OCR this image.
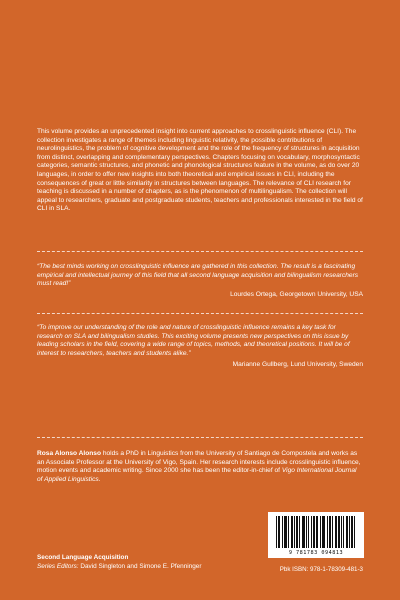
This volume provides an unprecedented insight into current approaches to crosslinguistic influence (CLI). The collection investigates a range of themes including linguistic relativity, the possible contributions of neurolinguistics, the problem of cognitive development and the role of the frequency of structures in acquisition from distinct, overlapping and complementary perspectives. Chapters focusing on vocabulary, morphosyntactic categories, semantic structures, and phonetic and phonological structures feature in the volume, as do over 20 languages, in order to offer new insights into both theoretical and empirical issues in CLI, including the consequences of great or little similarity in structures between languages. The relevance of CLI research for teaching is discussed in a number of chapters, as is the phenomenon of multilingualism. The collection will appeal to researchers, graduate and postgraduate students, teachers and professionals interested in the field of CLI in SLA.
“The best minds working on crosslinguistic influence are gathered in this collection. The result is a fascinating empirical and intellectual journey of this field that all second language acquisition and bilingualism researchers must read!”
Lourdes Ortega, Georgetown University, USA
“To improve our understanding of the role and nature of crosslinguistic influence remains a key task for research on SLA and bilingualism studies. This exciting volume presents new perspectives on this issue by leading scholars in the field, covering a wide range of topics, methods, and theoretical positions. It will be of interest to researchers, teachers and students alike.”
Marianne Gullberg, Lund University, Sweden
Rosa Alonso Alonso holds a PhD in Linguistics from the University of Santiago de Compostela and works as an Associate Professor at the University of Vigo, Spain. Her research interests include crosslinguistic influence, motion events and academic writing. Since 2000 she has been the editor-in-chief of Vigo International Journal of Applied Linguistics.
Second Language Acquisition
Series Editors: David Singleton and Simone E. Pfenninger
9 781783 094813
Pbk ISBN: 978-1-78309-481-3
